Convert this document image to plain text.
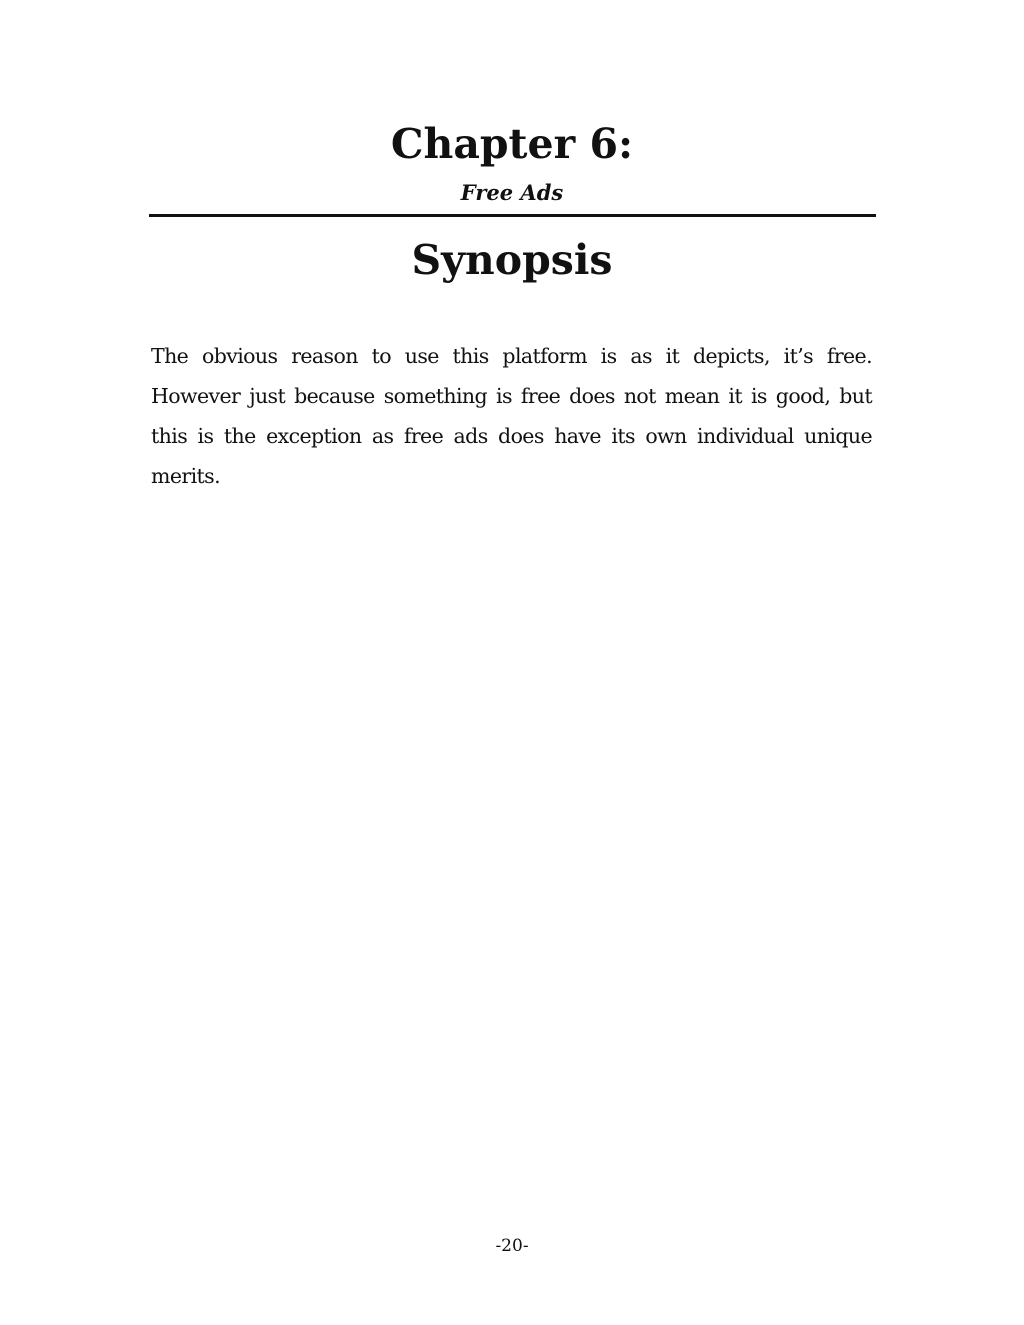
Chapter 6:

Free Ads

Synopsis

The obvious reason to use this platform is as it depicts, it’s free. However just because something is free does not mean it is good, but this is the exception as free ads does have its own individual unique merits.

-20-
